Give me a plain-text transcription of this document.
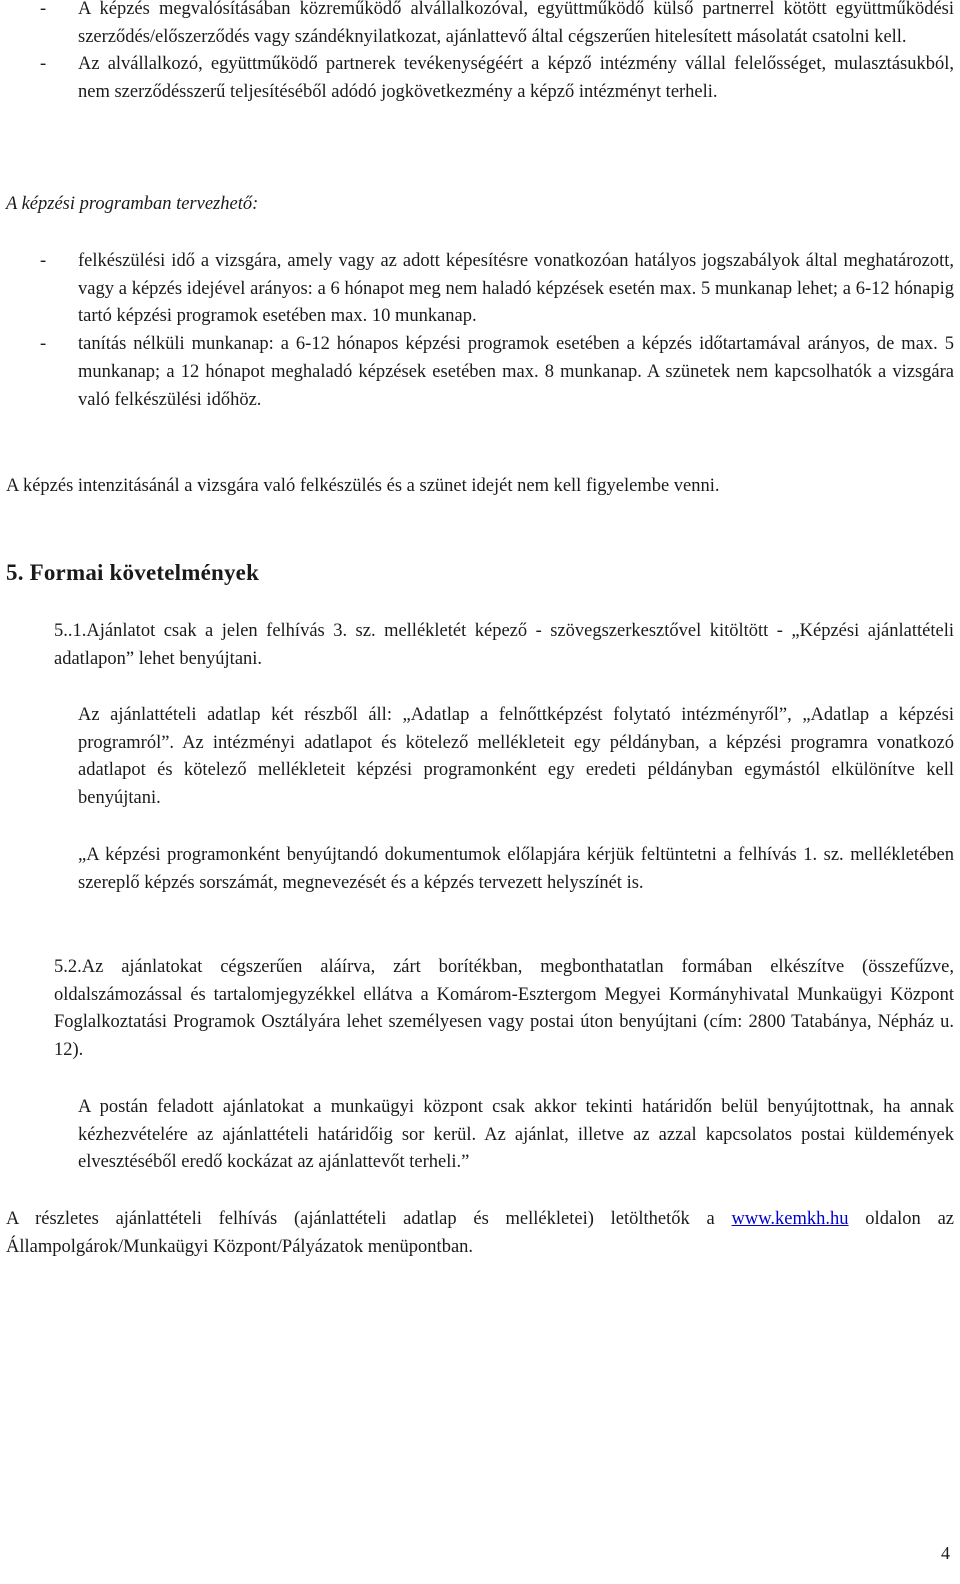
-	A képzés megvalósításában közreműködő alvállalkozóval, együttműködő külső partnerrel kötött együttműködési szerződés/előszerződés vagy szándéknyilatkozat, ajánlattevő által cégszerűen hitelesített másolatát csatolni kell.

-	Az alvállalkozó, együttműködő partnerek tevékenységéért a képző intézmény vállal felelősséget, mulasztásukból, nem szerződésszerű teljesítéséből adódó jogkövetkezmény a képző intézményt terheli.

A képzési programban tervezhető:

-	felkészülési idő a vizsgára, amely vagy az adott képesítésre vonatkozóan hatályos jogszabályok által meghatározott, vagy a képzés idejével arányos: a 6 hónapot meg nem haladó képzések esetén max. 5 munkanap lehet; a 6-12 hónapig tartó képzési programok esetében max. 10 munkanap.

-	tanítás nélküli munkanap: a 6-12 hónapos képzési programok esetében a képzés időtartamával arányos, de max. 5 munkanap; a 12 hónapot meghaladó képzések esetében max. 8 munkanap. A szünetek nem kapcsolhatók a vizsgára való felkészülési időhöz.

A képzés intenzitásánál a vizsgára való felkészülés és a szünet idejét nem kell figyelembe venni.

5. Formai követelmények

5..1.Ajánlatot csak a jelen felhívás 3. sz. mellékletét képező - szövegszerkesztővel kitöltött - „Képzési ajánlattételi adatlapon” lehet benyújtani.

Az ajánlattételi adatlap két részből áll: „Adatlap a felnőttképzést folytató intézményről”, „Adatlap a képzési programról”. Az intézményi adatlapot és kötelező mellékleteit egy példányban, a képzési programra vonatkozó adatlapot és kötelező mellékleteit képzési programonként egy eredeti példányban egymástól elkülönítve kell benyújtani.

„A képzési programonként benyújtandó dokumentumok előlapjára kérjük feltüntetni a felhívás 1. sz. mellékletében szereplő képzés sorszámát, megnevezését és a képzés tervezett helyszínét is.

5.2.Az ajánlatokat cégszerűen aláírva, zárt borítékban, megbonthatatlan formában elkészítve (összefűzve, oldalszámozással és tartalomjegyzékkel ellátva a Komárom-Esztergom Megyei Kormányhivatal Munkaügyi Központ Foglalkoztatási Programok Osztályára lehet személyesen vagy postai úton benyújtani (cím: 2800 Tatabánya, Népház u. 12).

A postán feladott ajánlatokat a munkaügyi központ csak akkor tekinti határidőn belül benyújtottnak, ha annak kézhezvételére az ajánlattételi határidőig sor kerül. Az ajánlat, illetve az azzal kapcsolatos postai küldemények elvesztéséből eredő kockázat az ajánlattevőt terheli.”

A részletes ajánlattételi felhívás (ajánlattételi adatlap és mellékletei) letölthetők a www.kemkh.hu oldalon az Állampolgárok/Munkaügyi Központ/Pályázatok menüpontban.

4
